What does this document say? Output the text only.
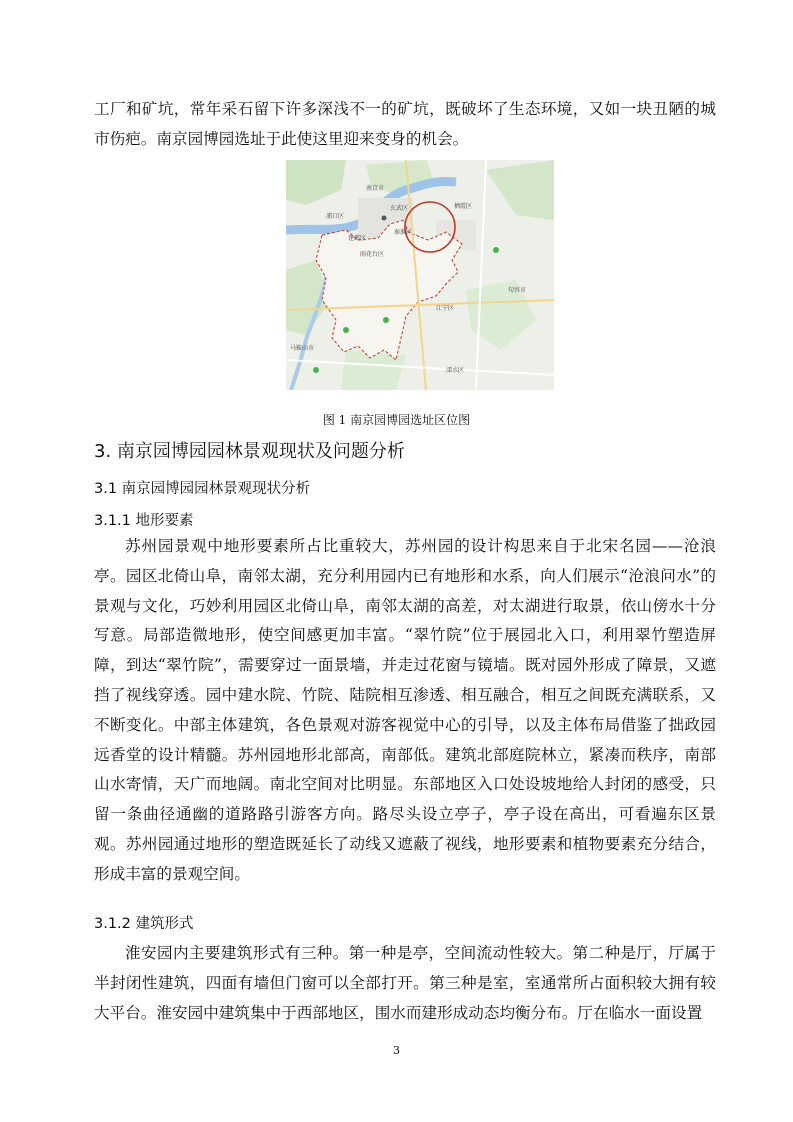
工厂和矿坑，常年采石留下许多深浅不一的矿坑，既破坏了生态环境，又如一块丑陋的城市伤疤。南京园博园选址于此使这里迎来变身的机会。

南京市
浦口区
栖霞区
玄武区
秦淮区
江宁区
雨花台区
建邺区
马鞍山市
句容市
溧水区
图 1 南京园博园选址区位图
3. 南京园博园园林景观现状及问题分析
3.1 南京园博园园林景观现状分析
3.1.1 地形要素

苏州园景观中地形要素所占比重较大，苏州园的设计构思来自于北宋名园——沧浪亭。园区北倚山阜，南邻太湖，充分利用园内已有地形和水系，向人们展示“沧浪问水”的景观与文化，巧妙利用园区北倚山阜，南邻太湖的高差，对太湖进行取景，依山傍水十分写意。局部造微地形，使空间感更加丰富。“翠竹院”位于展园北入口，利用翠竹塑造屏障，到达“翠竹院”，需要穿过一面景墙，并走过花窗与镜墙。既对园外形成了障景，又遮挡了视线穿透。园中建水院、竹院、陆院相互渗透、相互融合，相互之间既充满联系，又不断变化。中部主体建筑，各色景观对游客视觉中心的引导，以及主体布局借鉴了拙政园远香堂的设计精髓。苏州园地形北部高，南部低。建筑北部庭院林立，紧凑而秩序，南部山水寄情，天广而地阔。南北空间对比明显。东部地区入口处设坡地给人封闭的感受，只留一条曲径通幽的道路路引游客方向。路尽头设立亭子，亭子设在高出，可看遍东区景观。苏州园通过地形的塑造既延长了动线又遮蔽了视线，地形要素和植物要素充分结合，形成丰富的景观空间。

3.1.2 建筑形式

淮安园内主要建筑形式有三种。第一种是亭，空间流动性较大。第二种是厅，厅属于半封闭性建筑，四面有墙但门窗可以全部打开。第三种是室，室通常所占面积较大拥有较大平台。淮安园中建筑集中于西部地区，围水而建形成动态均衡分布。厅在临水一面设置

3
